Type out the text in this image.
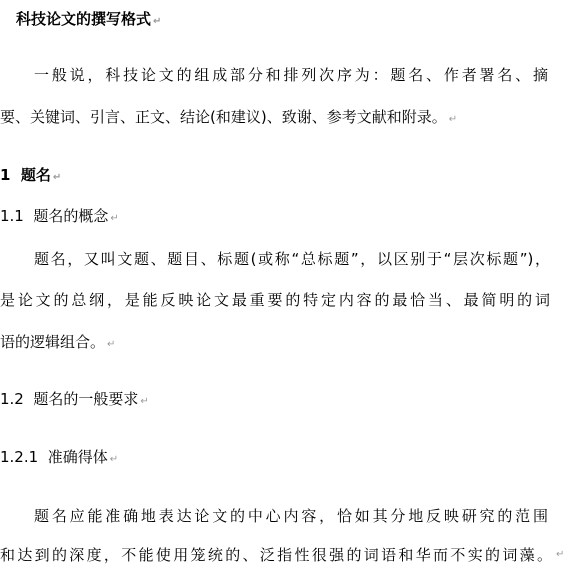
科技论文的撰写格式 ↵
一般说，科技论文的组成部分和排列次序为：题名、作者署名、摘
要、关键词、引言、正文、结论(和建议)、致谢、参考文献和附录。 ↵
1 题名 ↵
1.1 题名的概念 ↵
题名，又叫文题、题目、标题(或称“总标题”，以区别于“层次标题”)，
是论文的总纲，是能反映论文最重要的特定内容的最恰当、最简明的词
语的逻辑组合。 ↵
1.2 题名的一般要求 ↵
1.2.1 准确得体 ↵
题名应能准确地表达论文的中心内容，恰如其分地反映研究的范围
和达到的深度，不能使用笼统的、泛指性很强的词语和华而不实的词藻。 ↵
